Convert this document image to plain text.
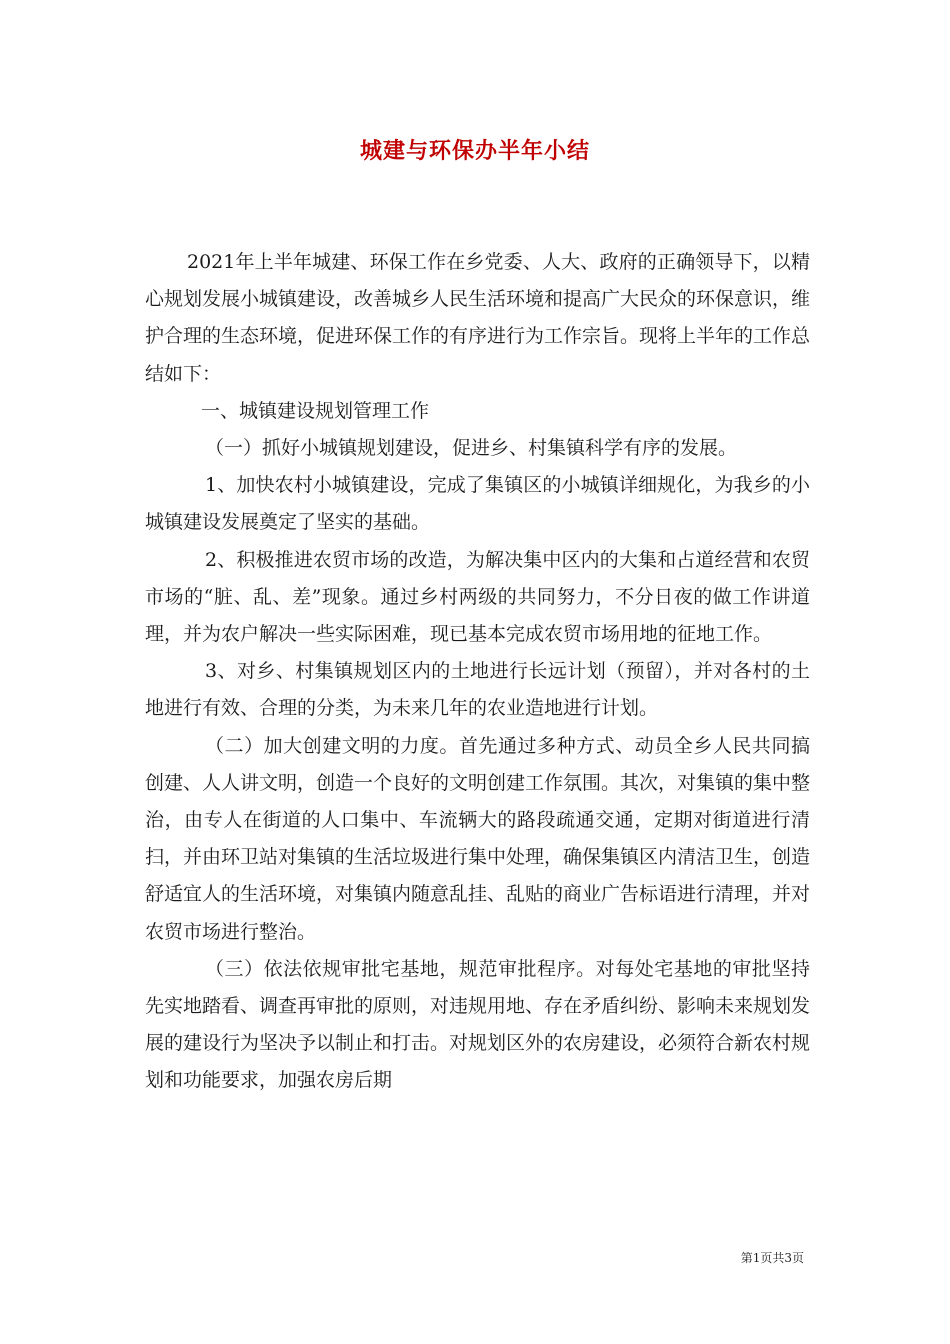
城建与环保办半年小结

2021年上半年城建、环保工作在乡党委、人大、政府的正确领导下，以精心规划发展小城镇建设，改善城乡人民生活环境和提高广大民众的环保意识，维护合理的生态环境，促进环保工作的有序进行为工作宗旨。现将上半年的工作总结如下：

一、城镇建设规划管理工作

（一）抓好小城镇规划建设，促进乡、村集镇科学有序的发展。

1、加快农村小城镇建设，完成了集镇区的小城镇详细规化，为我乡的小城镇建设发展奠定了坚实的基础。

2、积极推进农贸市场的改造，为解决集中区内的大集和占道经营和农贸市场的“脏、乱、差”现象。通过乡村两级的共同努力，不分日夜的做工作讲道理，并为农户解决一些实际困难，现已基本完成农贸市场用地的征地工作。

3、对乡、村集镇规划区内的土地进行长远计划（预留），并对各村的土地进行有效、合理的分类，为未来几年的农业造地进行计划。

（二）加大创建文明的力度。首先通过多种方式、动员全乡人民共同搞创建、人人讲文明，创造一个良好的文明创建工作氛围。其次，对集镇的集中整治，由专人在街道的人口集中、车流辆大的路段疏通交通，定期对街道进行清扫，并由环卫站对集镇的生活垃圾进行集中处理，确保集镇区内清洁卫生，创造舒适宜人的生活环境，对集镇内随意乱挂、乱贴的商业广告标语进行清理，并对农贸市场进行整治。

（三）依法依规审批宅基地，规范审批程序。对每处宅基地的审批坚持先实地踏看、调查再审批的原则，对违规用地、存在矛盾纠纷、影响未来规划发展的建设行为坚决予以制止和打击。对规划区外的农房建设，必须符合新农村规划和功能要求，加强农房后期

第1页共3页
